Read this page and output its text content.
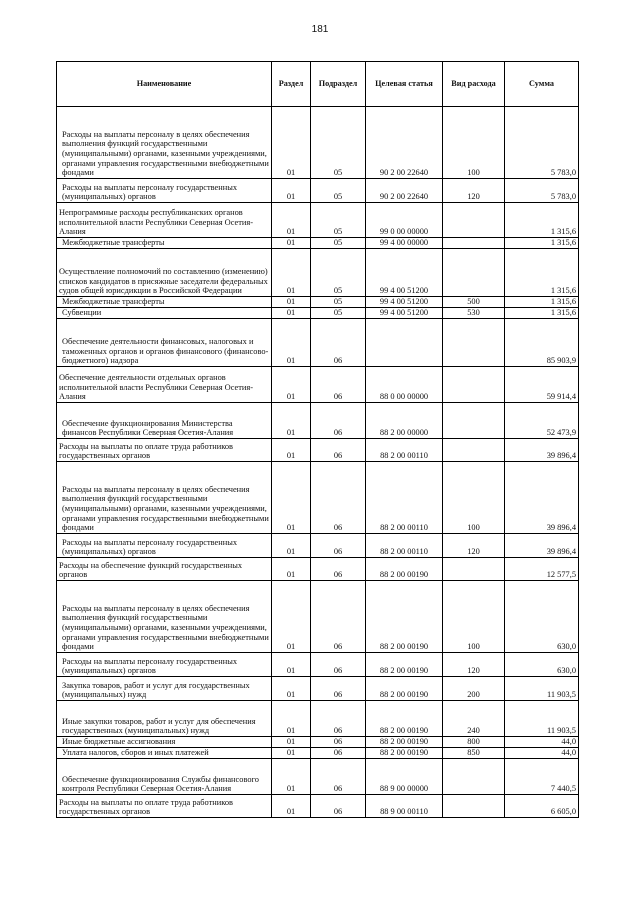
181
Наименование	Раздел	Подраздел	Целевая статья	Вид расхода	Сумма
Расходы на выплаты персоналу в целях обеспечения выполнения функций государственными (муниципальными) органами, казенными учреждениями, органами управления государственными внебюджетными фондами	01	05	90 2 00 22640	100	5 783,0
Расходы на выплаты персоналу государственных (муниципальных) органов	01	05	90 2 00 22640	120	5 783,0
Непрограммные расходы республиканских органов исполнительной власти Республики Северная Осетия-Алания	01	05	99 0 00 00000		1 315,6
Межбюджетные трансферты	01	05	99 4 00 00000		1 315,6
Осуществление полномочий по составлению (изменению) списков кандидатов в присяжные заседатели федеральных судов общей юрисдикции в Российской Федерации	01	05	99 4 00 51200		1 315,6
Межбюджетные трансферты	01	05	99 4 00 51200	500	1 315,6
Субвенции	01	05	99 4 00 51200	530	1 315,6
Обеспечение деятельности финансовых, налоговых и таможенных органов и органов финансового (финансово-бюджетного) надзора	01	06			85 903,9
Обеспечение деятельности отдельных органов исполнительной власти Республики Северная Осетия-Алания	01	06	88 0 00 00000		59 914,4
Обеспечение функционирования Министерства финансов Республики Северная Осетия-Алания	01	06	88 2 00 00000		52 473,9
Расходы на выплаты по оплате труда работников государственных органов	01	06	88 2 00 00110		39 896,4
Расходы на выплаты персоналу в целях обеспечения выполнения функций государственными (муниципальными) органами, казенными учреждениями, органами управления государственными внебюджетными фондами	01	06	88 2 00 00110	100	39 896,4
Расходы на выплаты персоналу государственных (муниципальных) органов	01	06	88 2 00 00110	120	39 896,4
Расходы на обеспечение функций государственных органов	01	06	88 2 00 00190		12 577,5
Расходы на выплаты персоналу в целях обеспечения выполнения функций государственными (муниципальными) органами, казенными учреждениями, органами управления государственными внебюджетными фондами	01	06	88 2 00 00190	100	630,0
Расходы на выплаты персоналу государственных (муниципальных) органов	01	06	88 2 00 00190	120	630,0
Закупка товаров, работ и услуг для государственных (муниципальных) нужд	01	06	88 2 00 00190	200	11 903,5
Иные закупки товаров, работ и услуг для обеспечения государственных (муниципальных) нужд	01	06	88 2 00 00190	240	11 903,5
Иные бюджетные ассигнования	01	06	88 2 00 00190	800	44,0
Уплата налогов, сборов и иных платежей	01	06	88 2 00 00190	850	44,0
Обеспечение функционирования Службы финансового контроля Республики Северная Осетия-Алания	01	06	88 9 00 00000		7 440,5
Расходы на выплаты по оплате труда работников государственных органов	01	06	88 9 00 00110		6 605,0
